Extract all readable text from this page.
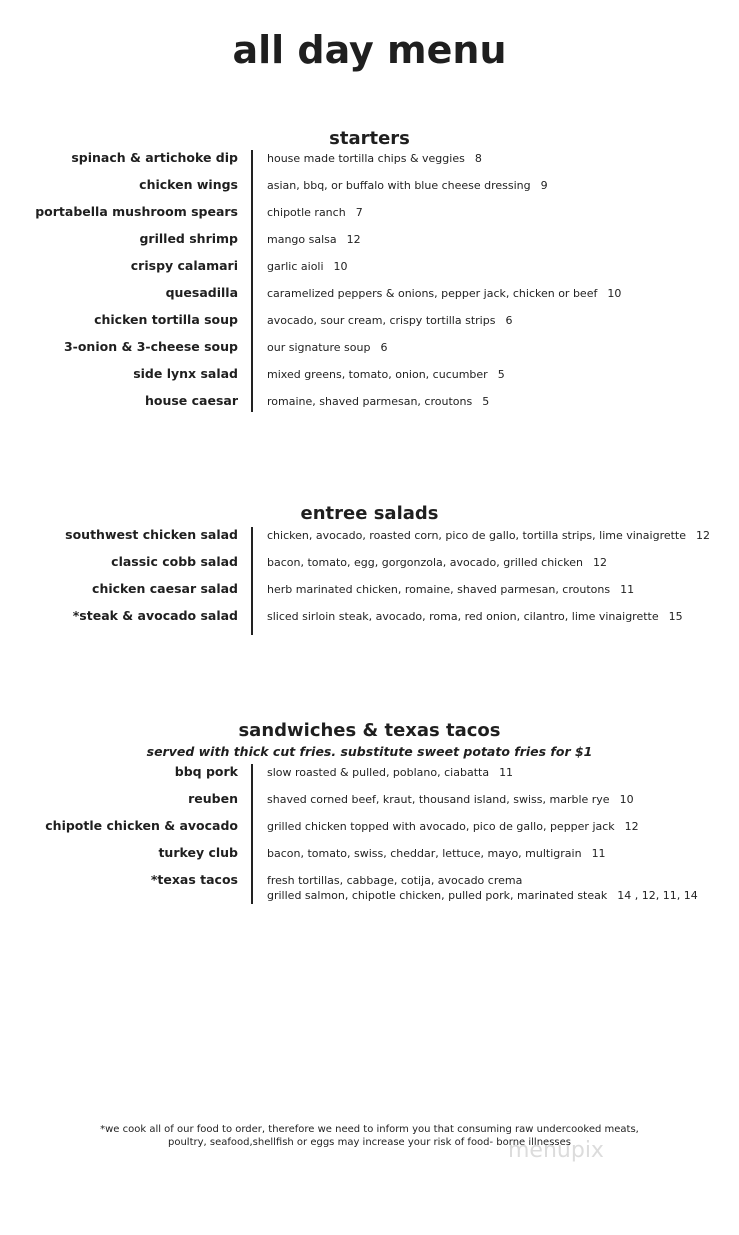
all day menu
starters
spinach & artichoke dip	house made tortilla chips & veggies 8
chicken wings	asian, bbq, or buffalo with blue cheese dressing 9
portabella mushroom spears	chipotle ranch 7
grilled shrimp	mango salsa 12
crispy calamari	garlic aioli 10
quesadilla	caramelized peppers & onions, pepper jack, chicken or beef 10
chicken tortilla soup	avocado, sour cream, crispy tortilla strips 6
3-onion & 3-cheese soup	our signature soup 6
side lynx salad	mixed greens, tomato, onion, cucumber 5
house caesar	romaine, shaved parmesan, croutons 5
entree salads
southwest chicken salad	chicken, avocado, roasted corn, pico de gallo, tortilla strips, lime vinaigrette 12
classic cobb salad	bacon, tomato, egg, gorgonzola, avocado, grilled chicken 12
chicken caesar salad	herb marinated chicken, romaine, shaved parmesan, croutons 11
*steak & avocado salad	sliced sirloin steak, avocado, roma, red onion, cilantro, lime vinaigrette 15
sandwiches & texas tacos
served with thick cut fries. substitute sweet potato fries for $1
bbq pork	slow roasted & pulled, poblano, ciabatta 11
reuben	shaved corned beef, kraut, thousand island, swiss, marble rye 10
chipotle chicken & avocado	grilled chicken topped with avocado, pico de gallo, pepper jack 12
turkey club	bacon, tomato, swiss, cheddar, lettuce, mayo, multigrain 11
*texas tacos	fresh tortillas, cabbage, cotija, avocado crema
grilled salmon, chipotle chicken, pulled pork, marinated steak 14 , 12, 11, 14
*we cook all of our food to order, therefore we need to inform you that consuming raw undercooked meats,
poultry, seafood,shellfish or eggs may increase your risk of food- borne illnesses
menupix
